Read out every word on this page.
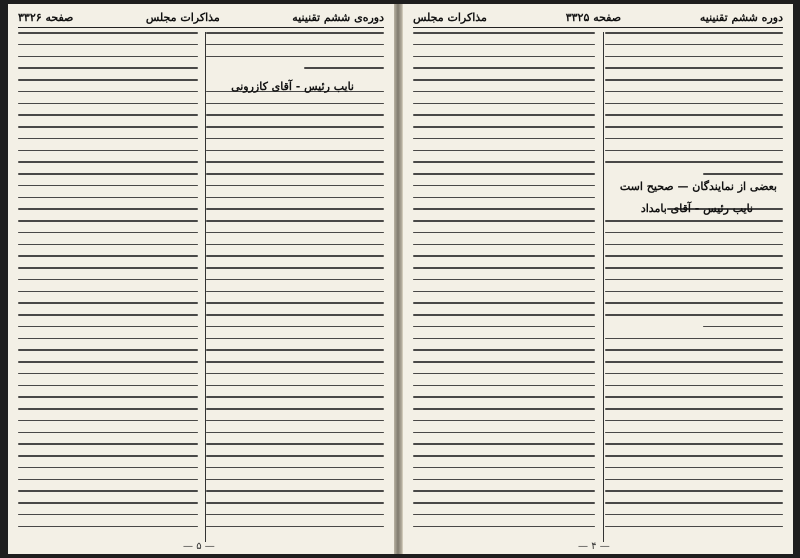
صفحه ۳۳۲۶	مذاکرات مجلس	دوره‌ی ششم تقنینیه
نایب رئیس - آقای کازرونی
— ۵ —
مذاکرات مجلس	صفحه ۳۳۲۵	دوره ششم تقنینیه
بعضی از نمایندگان — صحیح است
نایب رئیس - آقای بامداد
— ۴ —
